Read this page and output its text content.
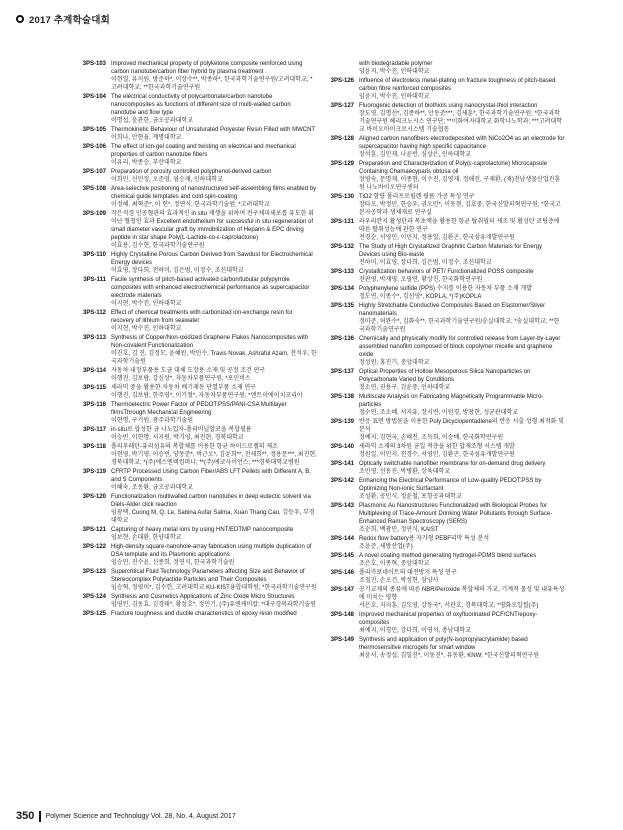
2017 추계학술대회
3PS-103 Improved mechanical property of polyketone composite reinforced using carbon nanotube/carbon fiber hybrid by plasma treatment
이현일, 유지원, 방준하*, 이상수**, 박종하*, 한국과학기술연구원/고려대학교; *고려대학교; **한국과학기술연구원
3PS-104 The electrical conductivity of polycarbonate/carbon nanotube nanocomposites as functions of different size of multi-walled carbon nanotube and flow type
이명섭, 윤관한, 금오공과대학교
3PS-105 Thermokinetic Behaviour of Unsaturated Polyester Resin Filled with MWCNT
이희나, 안현율, 계명대학교
3PS-106 The effect of ion-gel coating and twisting on electrical and mechanical properties of carbon nanotube fibers
이유리, 박종승, 부산대학교
3PS-107 Preparation of porosity controlled polyphenol-derived carbon
이희민, 신민정, 오준영, 염승재, 인하대학교
3PS-108 Area-selective positioning of nanostructured self-assembling films enabled by chemical guide templates and cold spin-coating
이정혜, 최혁준*, 이 헌*, 정연식, 한국과학기술원; *고려대학교
3PS-109 작은직경 인공혈관의 효과적인 in situ 재생을 위하여 전구체피세포를 유도한 위이난 혈청인 효과 Excellent endothelium for successful in situ regeneration of small diameter vascular graft by immobilization of Heparin & EPC driving peptide in star shape Poly(L-Lactide-co-ε-caprolactone)
이효용, 김수현, 한국과학기술연구원
3PS-110 Highly Crystalline Porous Carbon Derived from Sawdust for Electrochemical Energy devices
이효영, 장다희, 전하미, 김은범, 이정수, 조선대학교
3PS-111 Facile synthesis of pitch-based activated carbon/tubular polypyrrole composites with enhanced electrochemical performance as supercapacitor electrode materials
이지현, 박수진, 인하대학교
3PS-112 Effect of chemical treatments with carbonized ion-exchange resin for recovery of lithium from seawater
이지현, 박수진, 인하대학교
3PS-113 Synthesis of Copper/Non-oxidized Graphene Flakes Nanocomposites with Non-covalent Functionalization
이진호, 김 진, 김정모, 윤혜원, 박민수, Travis Novak, Ashraful Azam, 전석우, 한국과학기술원
3PS-114 자동차 내장부품용 도금 대체 도장용 소재 및 공정 조건 연구
이행진, 김보람, 강신상*, 자동차부품연구원; *포인비스
3PS-115 세라믹 중을 활용한 자동차 배기제동 단열부품 소재 연구
이행진, 김보람, 한주영*, 이기철*, 자동차부품연구원; *엔트이에이치코리아
3PS-116 Thermoelectric Power Factor of PEDOT:PSS/PANI-CSA Multilayer filmsThrough Mechanical Engineering
이현명, 구기원, 광주과학기술원
3PS-117 in-situ로 합성한 금 나노입자-폴리비닐알코올 복합필름
이승빈, 이현명, 서지원, 박기영, 최진현, 경북대학교
3PS-118 폴리우레탄-유리섬유의 복합체를 이용한 항균 하이드로젤의 제조
이현영, 박기영, 이승빈, 양동준*, 박근오*, 김윤희**, 전세희**, 정용문***, 최진현, 경북대학교; *(주)에스엔텍컴퍼니; **(주)에코사이언스; ***경북대학교병원
3PS-119 CFRTP Processed Using Carbon Fiber/ABS LFT Pellets with Different A, B, and S Components
이혜숙, 조동환, 금오공과대학교
3PS-120 Functionalization multiwalled carbon nanotubes in deep eutectic solvent via Diels-Alder click reaction
임광택, Cuong M, Q, Le, Sabina Aufar Salma, Xuan Thang Cao, 김등우, 부경대학교
3PS-121 Capturing of heavy metal ions by using HNT/EDTMP nanocomposite
임보현, 손대환, 한양대학교
3PS-122 High-density square-nanohole-array fabrication using multiple duplication of DSA template and its Plasmonic applications
임승민, 진수윤, 신종희, 정연식, 한국과학기술원
3PS-123 Supercritical Fluid Technology Parameters affecting Size and Behavior of Stereocomplex Polylactide Particles and Their Composites
임승혁, 정영미*, 김수헌, 고려대학교 KU-KIST융합대학원; *한국과학기술연구원
3PS-124 Synthesis and Cosmetics Applications of Zinc Oxide Micro Structures
임영민, 김동효, 김경태*, 황성호*, 정민기, (주)유엔케미칼; *대구경북과학기술원
3PS-125 Fracture toughness and ductile characteristics of epoxy resin modified
with biodegradable polymer
임윤지, 박수진, 인하대학교
3PS-126 Influence of electroless metal-plating on fracture toughness of pitch-based carbon fibre reinforced composites
임윤지, 박수진, 인하대학교
3PS-127 Fluorogenic detection of biothiols using nanocrystal-thiol interaction
장도영, 김명선*, 김종하**, 안동준***, 김세훈*, 한국과학기술연구원; *한국과학기술연구원 헤리크노시스 연구단; **이화여자대학교 화학나노학과; ***고려대학교 바이오마이크로시스템 기술협동
3PS-128 Aligned carbon nanofibers electrodeposited with NiCo2O4 as an electrode for supercapacitor having high specific capacitance
장석훈, 김민재, 나윤빈, 심상은, 인하대학교
3PS-129 Preparation and Characterization of Poly(ε-caprolactone) Microcapsule Containing Chamaecyparis obtusa oil
장영숙, 문명재, 이종현, 이수진, 김영재, 정해진, 구재환, (재)전남생물산업진흥원 나노바이오연구센터
3PS-130 TiO2 함량 폴리프로필렌 필름 가공 특성 연구
장타오, 박정민, 한승우, 권오민*, 이동현, 김호중, 한국신발피혁연구원; *한국고분자공학과 생체재료 연구실
3PS-131 라우리칸지 활성탄과 목초액을 활용한 항균 탈취필터 제조 및 활성탄 코팅층에 따른 탈취성능에 관한 연구
전경순, 서영민, 이민지, 정용일, 김환곤, 한국섬유개발연구원
3PS-132 The Study of High Crystallized Graphitic Carbon Materials for Energy Devices using Bio-waste
전하미, 이효영, 장다희, 김은범, 이정수, 조선대학교
3PS-133 Crystallization behaviors of PET/ Functionalized POSS composite
전판영, 박재영, 오필연, 황상진, 한국화학연구원
3PS-134 Polyphenylene sulfide (PPS) 수지를 이용한 자동차 부품 소재 개발
정도연, 이종수*, 김선영*, KOPLA; *(주)KOPLA
3PS-135 Highly Stretchable Conductive Composites Based on Elastomer/Silver nanomaterials
정미준, 허완수*, 김화숙**, 한국과학기술연구원/숭실대학교; *숭실대학교; **한국과학기술연구원
3PS-136 Chemically and physically modify for controlled release from Layer-by-Layer assembled nanofilm composed of block copolymer micelle and graphene oxide
정성원, 홍진기, 중앙대학교
3PS-137 Optical Properties of Hollow Mesoporous Silica Nanoparticles on Polycarbonate Varied by Conditions
정소연, 권용구, 김윤중, 인하대학교
3PS-138 Multiscale Analysis on Fabricating Magnetically Programmable Micro-particles
정수연, 조소혜, 서지유, 장시연, 이원경, 방창현, 성균관대학교
3PS-139 반응 표면 방법론을 이용한 Poly Dicyclopentadiene의 반응 시출 성형 최적화 및 분석
정예지, 김현국, 손해진, 조득희, 이승배, 한국화학연구원
3PS-140 세라믹 소재의 3차원 균일 적층을 위한 압제조형 시스템 개발
정원일, 이민지, 전경수, 서영민, 김환곤, 한국섬유개발연구원
3PS-141 Optically switchable nanofiber membrane for on-demand drug delivery
조민영, 선동진, 박병환, 상육대학교
3PS-142 Enhancing the Electrical Performance of Low-quality PEDOT:PSS by Optimizing Non-ionic Surfactant
조성환, 공민식, 정윤철, 포항공과대학교
3PS-143 Plasmonic Au Nanostructures Functionalized with Biological Probes for Multiplexing of Trace-Amount Drinking Water Pollutants through Surface-Enhanced Raman Spectroscopy (SERS)
조순희, 백광민, 정연식, KAIST
3PS-144 Redox flow battery용 자가형 PEBF리막 특성 분석
조윤준, 세방산업(주)
3PS-145 A novel coating method generating hydrogel-PDMS blend surfaces
조은호, 이종혁, 중앙대학교
3PS-146 폴리카보네이트의 대전방지 특성 연구
조철진, 손오건, 박성현, 삼양사
3PS-147 공기교제의 종류에 따른 NBR/Peroxide 복합체의 가교, 기계적 물성 및 내유특성에 미치는 영향
서은호, 지지훈, 김도영, 강동국*, 서관호, 경북대학교; *평화오일씰(주)
3PS-148 Improved mechanical properties of oxyfluorinated PCF/CNT/epoxy-composites
최예지, 이경민, 강다희, 이영석, 충남대학교
3PS-149 Synthesis and application of poly(N-isopropylacrylamide) based thermosensitive microgels for smart window
최윤서, 송정섭, 김일진*, 이동진*, 유동환, KNW; *한국신발피혁연구원
350	Polymer Science and Technology Vol. 28, No. 4, August 2017
